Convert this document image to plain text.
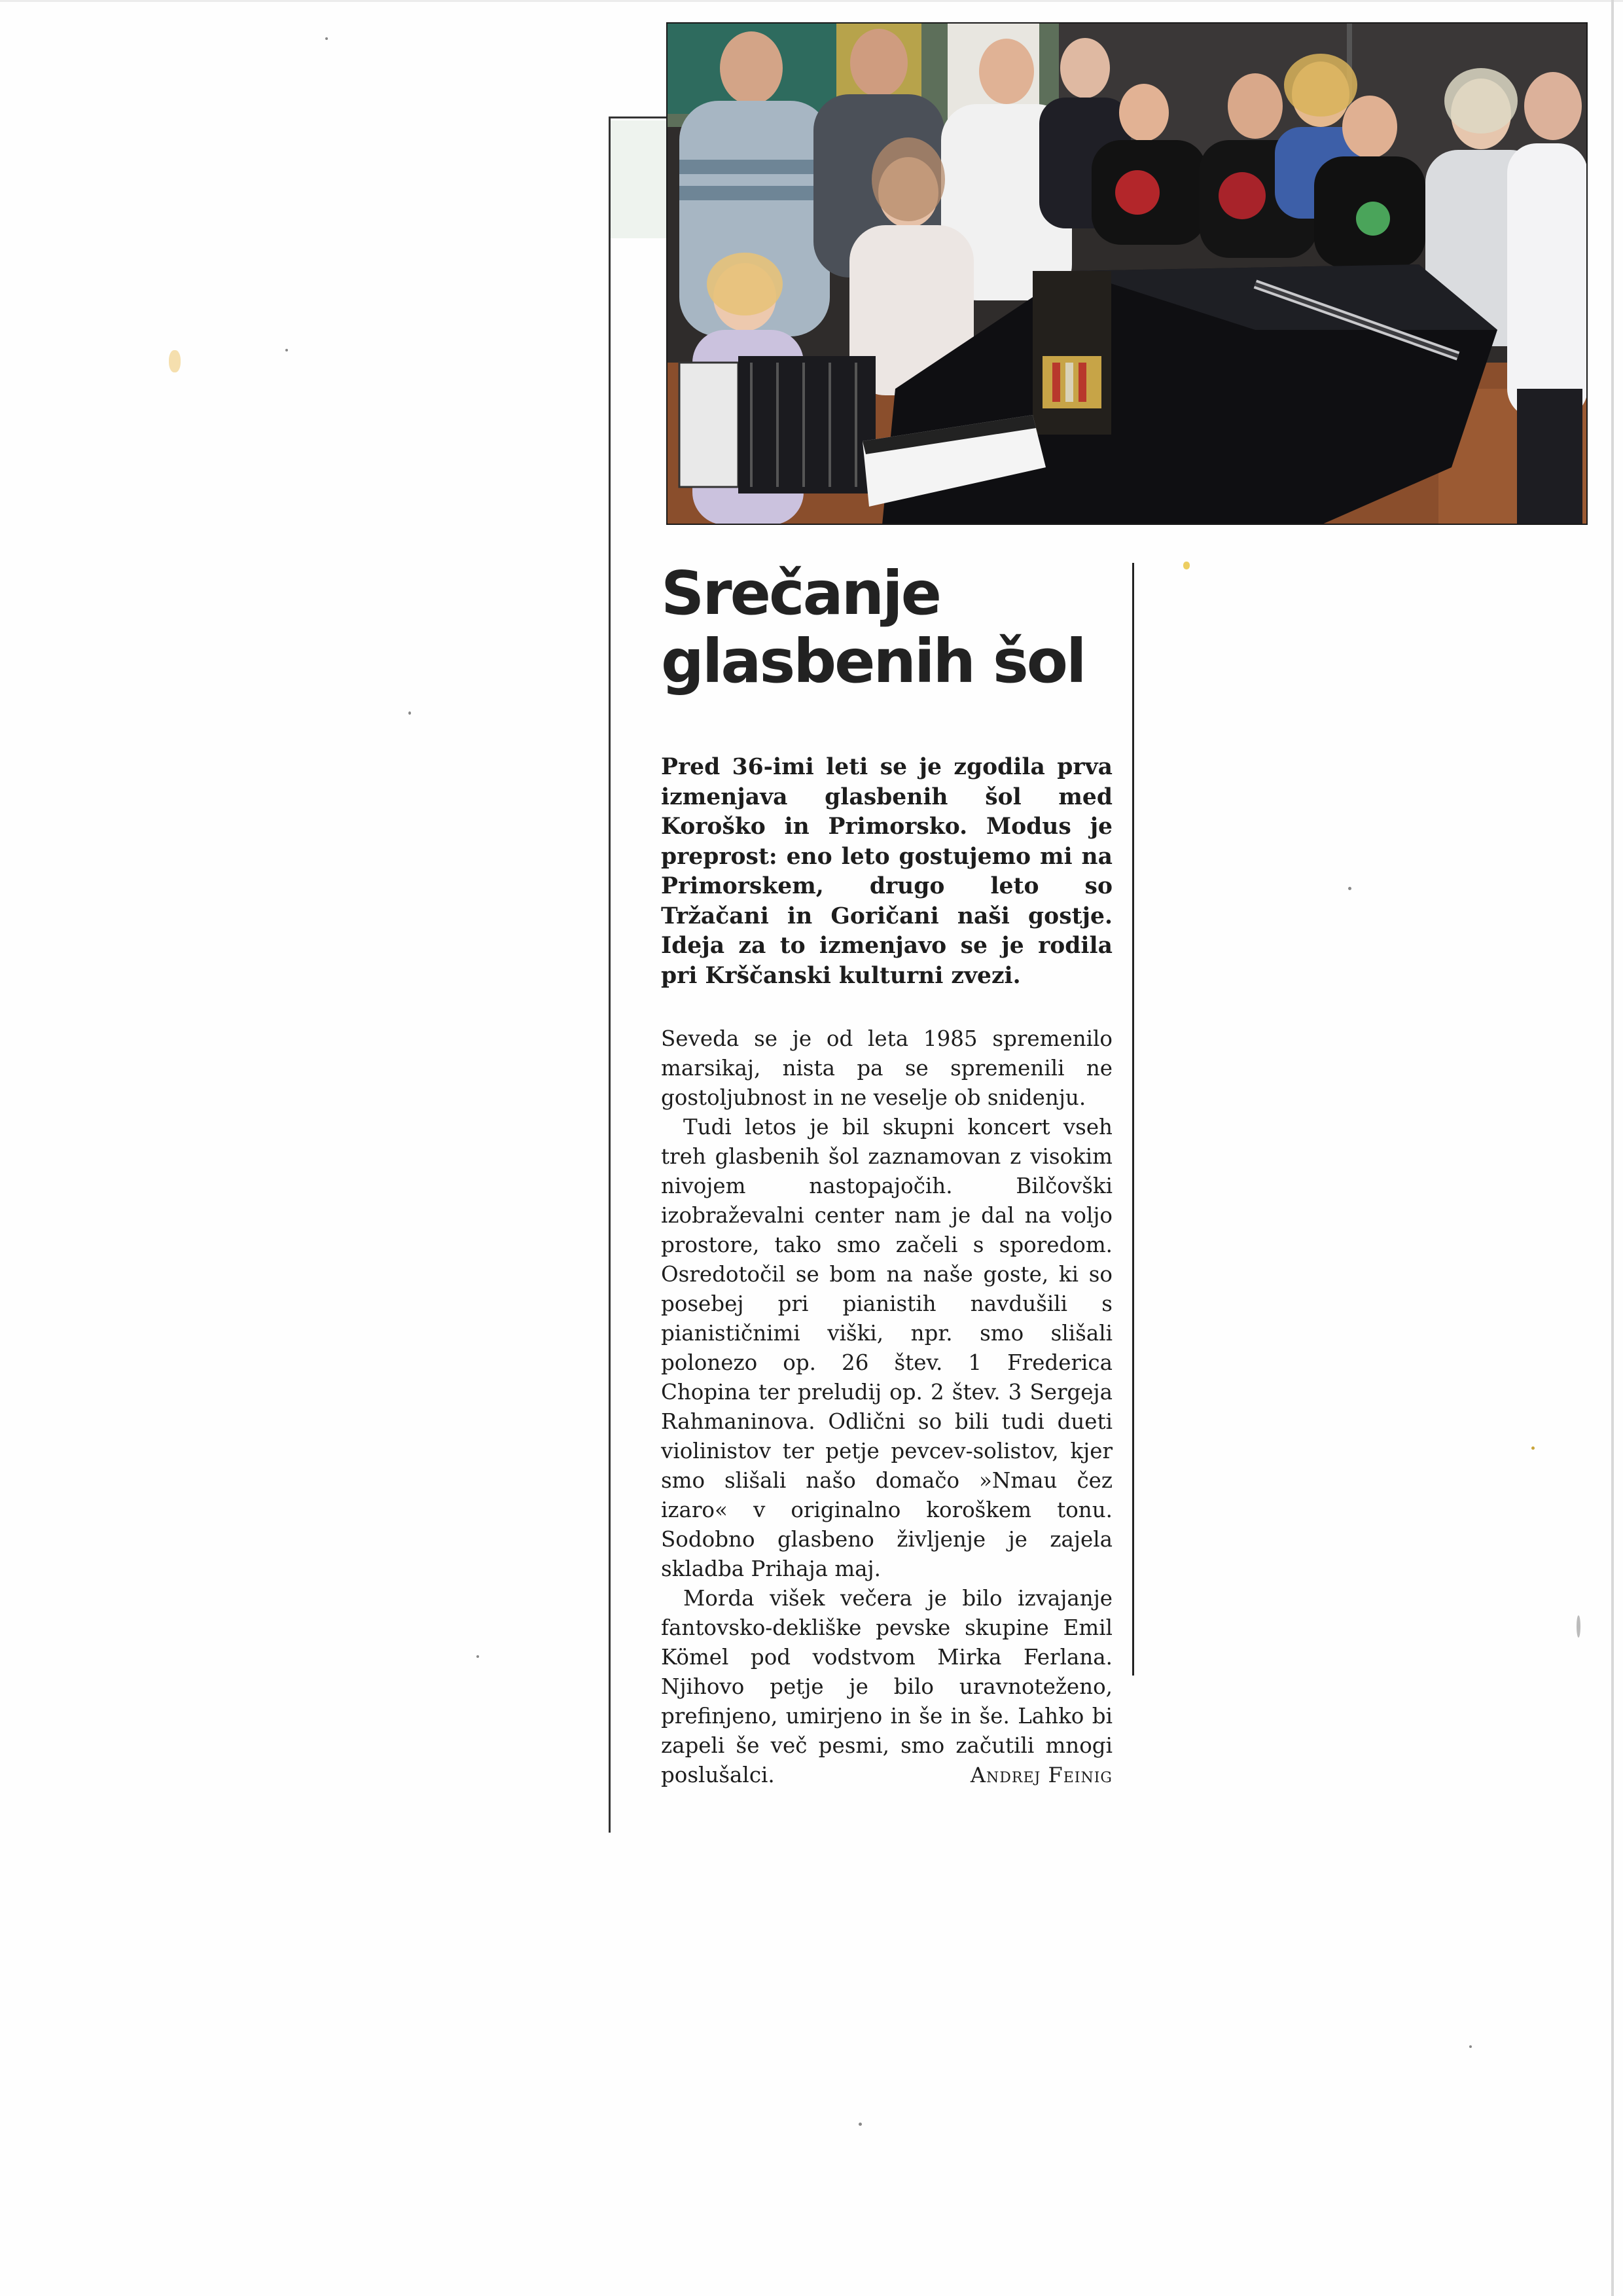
Srečanje glasbenih šol

Pred 36-imi leti se je zgodila prva izmenjava glasbenih šol med Koroško in Primorsko. Modus je preprost: eno leto gostujemo mi na Primorskem, drugo leto so Tržačani in Goričani naši gostje. Ideja za to izmenjavo se je rodila pri Krščanski kulturni zvezi.

Seveda se je od leta 1985 spremenilo marsikaj, nista pa se spremenili ne gostoljubnost in ne veselje ob snidenju.

Tudi letos je bil skupni koncert vseh treh glasbenih šol zaznamovan z visokim nivojem nastopajočih. Bilčovški izobraževalni center nam je dal na voljo prostore, tako smo začeli s sporedom. Osredotočil se bom na naše goste, ki so posebej pri pianistih navdušili s pianističnimi viški, npr. smo slišali polonezo op. 26 štev. 1 Frederica Chopina ter preludij op. 2 štev. 3 Sergeja Rahmaninova. Odlični so bili tudi dueti violinistov ter petje pevcev-solistov, kjer smo slišali našo domačo »Nmau čez izaro« v originalno koroškem tonu. Sodobno glasbeno življenje je zajela skladba Prihaja maj.

Morda višek večera je bilo izvajanje fantovsko-dekliške pevske skupine Emil Kömel pod vodstvom Mirka Ferlana. Njihovo petje je bilo uravnoteženo, prefinjeno, umirjeno in še in še. Lahko bi zapeli še več pesmi, smo začutili mnogi poslušalci.	Andrej Feinig
